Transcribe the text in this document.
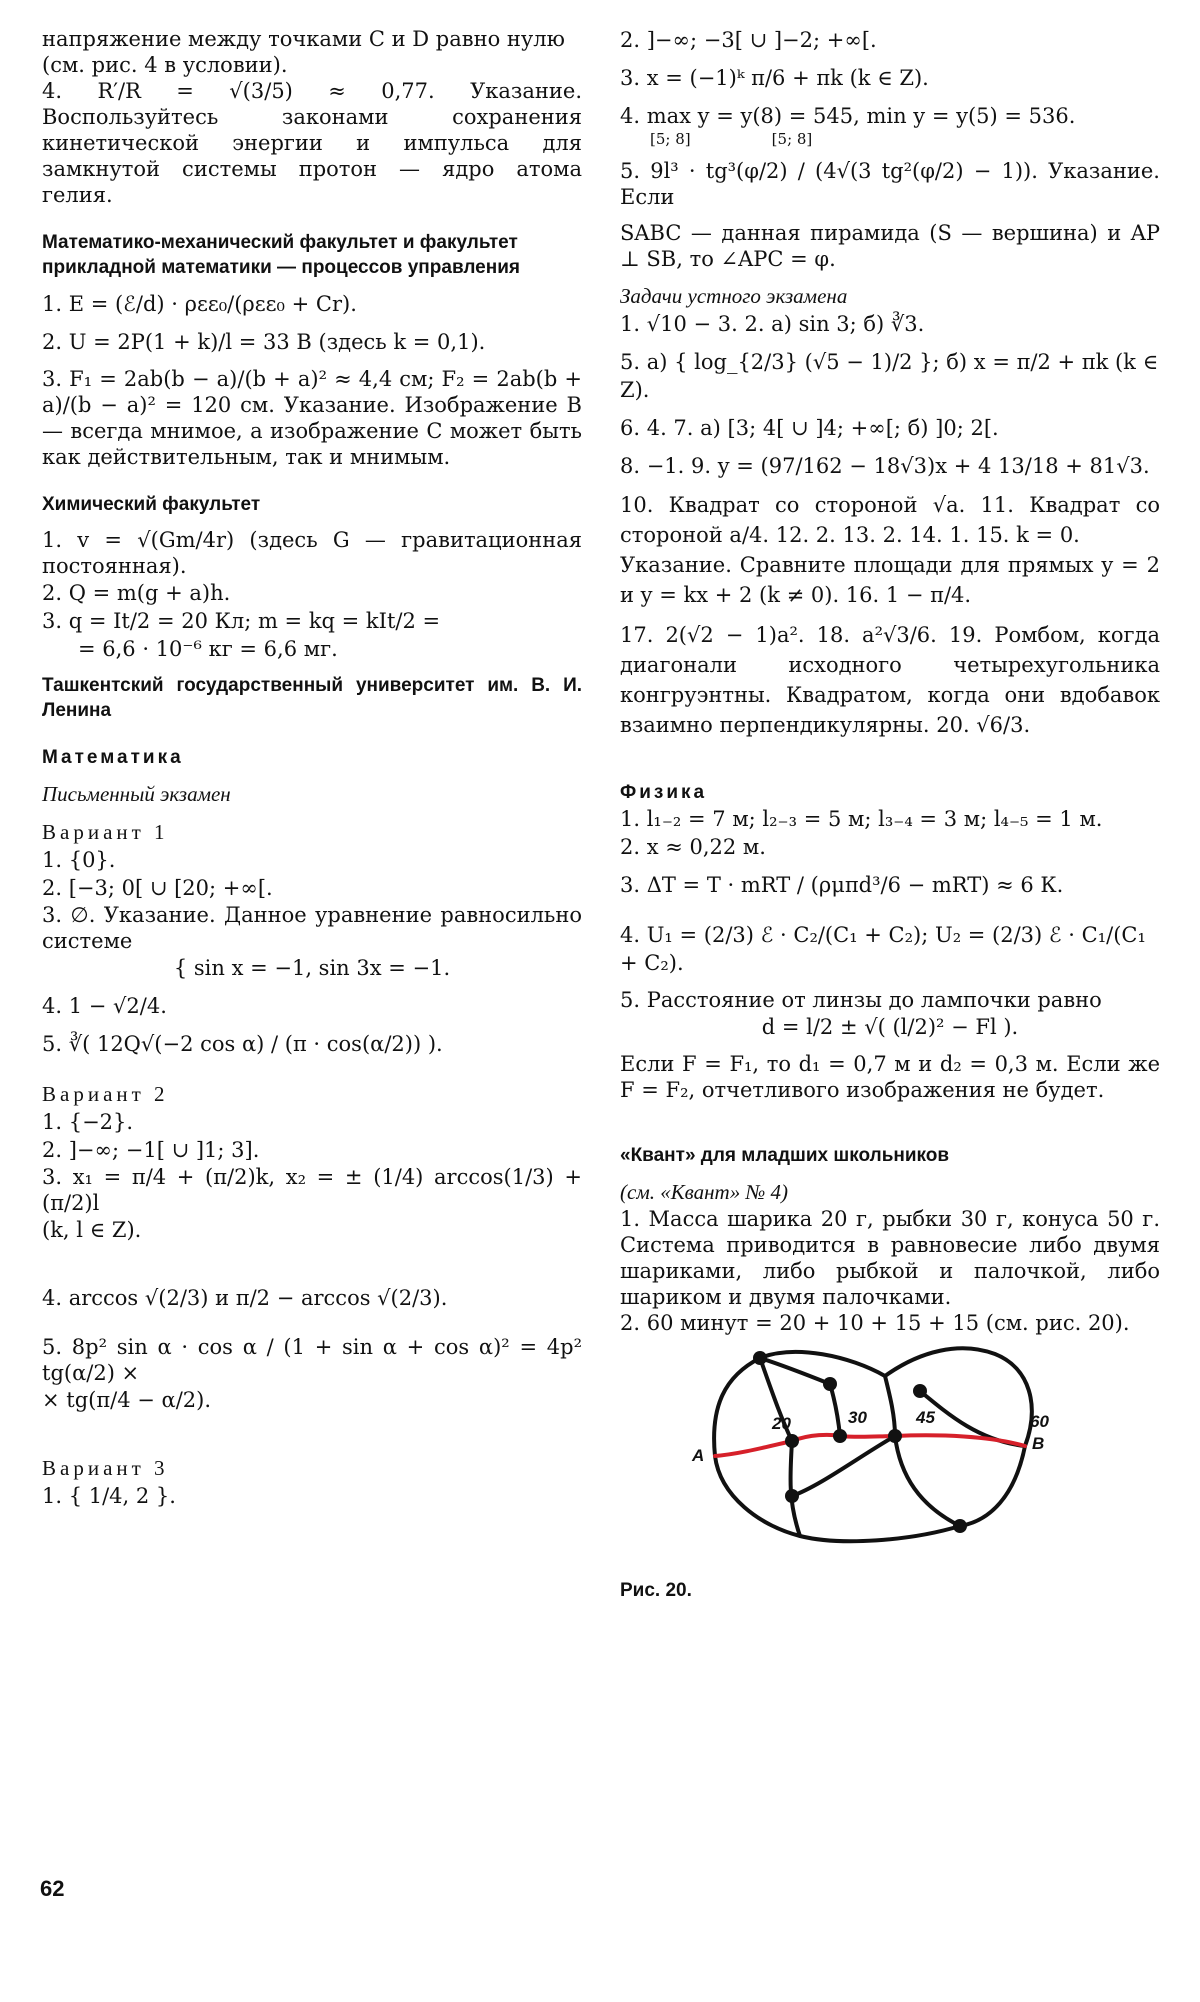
напряжение между точками C и D равно нулю

(см. рис. 4 в условии).

4. R′/R = √(3/5) ≈ 0,77. Указание. Воспользуйтесь законами сохранения кинетической энергии и импульса для замкнутой системы протон — ядро атома гелия.

Математико-механический факультет и факультет прикладной математики — процессов управления

1. E = (ℰ/d) · ρεε₀/(ρεε₀ + Cr).

2. U = 2P(1 + k)/l = 33 В (здесь k = 0,1).

3. F₁ = 2ab(b − a)/(b + a)² ≈ 4,4 см; F₂ = 2ab(b + a)/(b − a)² = 120 см. Указание. Изображение B — всегда мнимое, а изображение C может быть как действительным, так и мнимым.

Химический факультет

1. v = √(Gm/4r) (здесь G — гравитационная постоянная).

2. Q = m(g + a)h.

3. q = It/2 = 20 Кл; m = kq = kIt/2 =

= 6,6 · 10⁻⁶ кг = 6,6 мг.

Ташкентский государственный университет им. В. И. Ленина

Математика

Письменный экзамен

Вариант 1

1. {0}.

2. [−3; 0[ ∪ [20; +∞[.

3. ∅. Указание. Данное уравнение равносильно системе

{ sin x = −1, sin 3x = −1.

4. 1 − √2/4.

5. ∛( 12Q√(−2 cos α) / (π · cos(α/2)) ).

Вариант 2

1. {−2}.

2. ]−∞; −1[ ∪ ]1; 3].

3. x₁ = π/4 + (π/2)k, x₂ = ± (1/4) arccos(1/3) + (π/2)l

(k, l ∈ Z).

4. arccos √(2/3) и π/2 − arccos √(2/3).

5. 8p² sin α · cos α / (1 + sin α + cos α)² = 4p² tg(α/2) ×

× tg(π/4 − α/2).

Вариант 3

1. { 1/4, 2 }.

2. ]−∞; −3[ ∪ ]−2; +∞[.

3. x = (−1)ᵏ π/6 + πk (k ∈ Z).

4. max y = y(8) = 545, min y = y(5) = 536.

[5; 8]                 [5; 8]

5. 9l³ · tg³(φ/2) / (4√(3 tg²(φ/2) − 1)). Указание. Если

SABC — данная пирамида (S — вершина) и AP ⊥ SB, то ∠APC = φ.

Задачи устного экзамена

1. √10 − 3. 2. а) sin 3; б) ∛3.

5. а) { log_{2/3} (√5 − 1)/2 }; б) x = π/2 + πk (k ∈ Z).

6. 4. 7. а) [3; 4[ ∪ ]4; +∞[; б) ]0; 2[.

8. −1. 9. y = (97/162 − 18√3)x + 4 13/18 + 81√3.

10. Квадрат со стороной √a. 11. Квадрат со стороной a/4. 12. 2. 13. 2. 14. 1. 15. k = 0.

Указание. Сравните площади для прямых y = 2 и y = kx + 2 (k ≠ 0). 16. 1 − π/4.

17. 2(√2 − 1)a². 18. a²√3/6. 19. Ромбом, когда диагонали исходного четырехугольника конгруэнтны. Квадратом, когда они вдобавок взаимно перпендикулярны. 20. √6/3.

Физика

1. l₁₋₂ = 7 м; l₂₋₃ = 5 м; l₃₋₄ = 3 м; l₄₋₅ = 1 м.

2. x ≈ 0,22 м.

3. ΔT = T · mRT / (ρμπd³/6 − mRT) ≈ 6 К.

4. U₁ = (2/3) ℰ · C₂/(C₁ + C₂); U₂ = (2/3) ℰ · C₁/(C₁ + C₂).

5. Расстояние от линзы до лампочки равно

d = l/2 ± √( (l/2)² − Fl ).

Если F = F₁, то d₁ = 0,7 м и d₂ = 0,3 м. Если же F = F₂, отчетливого изображения не будет.

«Квант» для младших школьников

(см. «Квант» № 4)

1. Масса шарика 20 г, рыбки 30 г, конуса 50 г. Система приводится в равновесие либо двумя шариками, либо рыбкой и палочкой, либо шариком и двумя палочками.

2. 60 минут = 20 + 10 + 15 + 15 (см. рис. 20).

A
B
20	30	45	60
Рис. 20.
62
